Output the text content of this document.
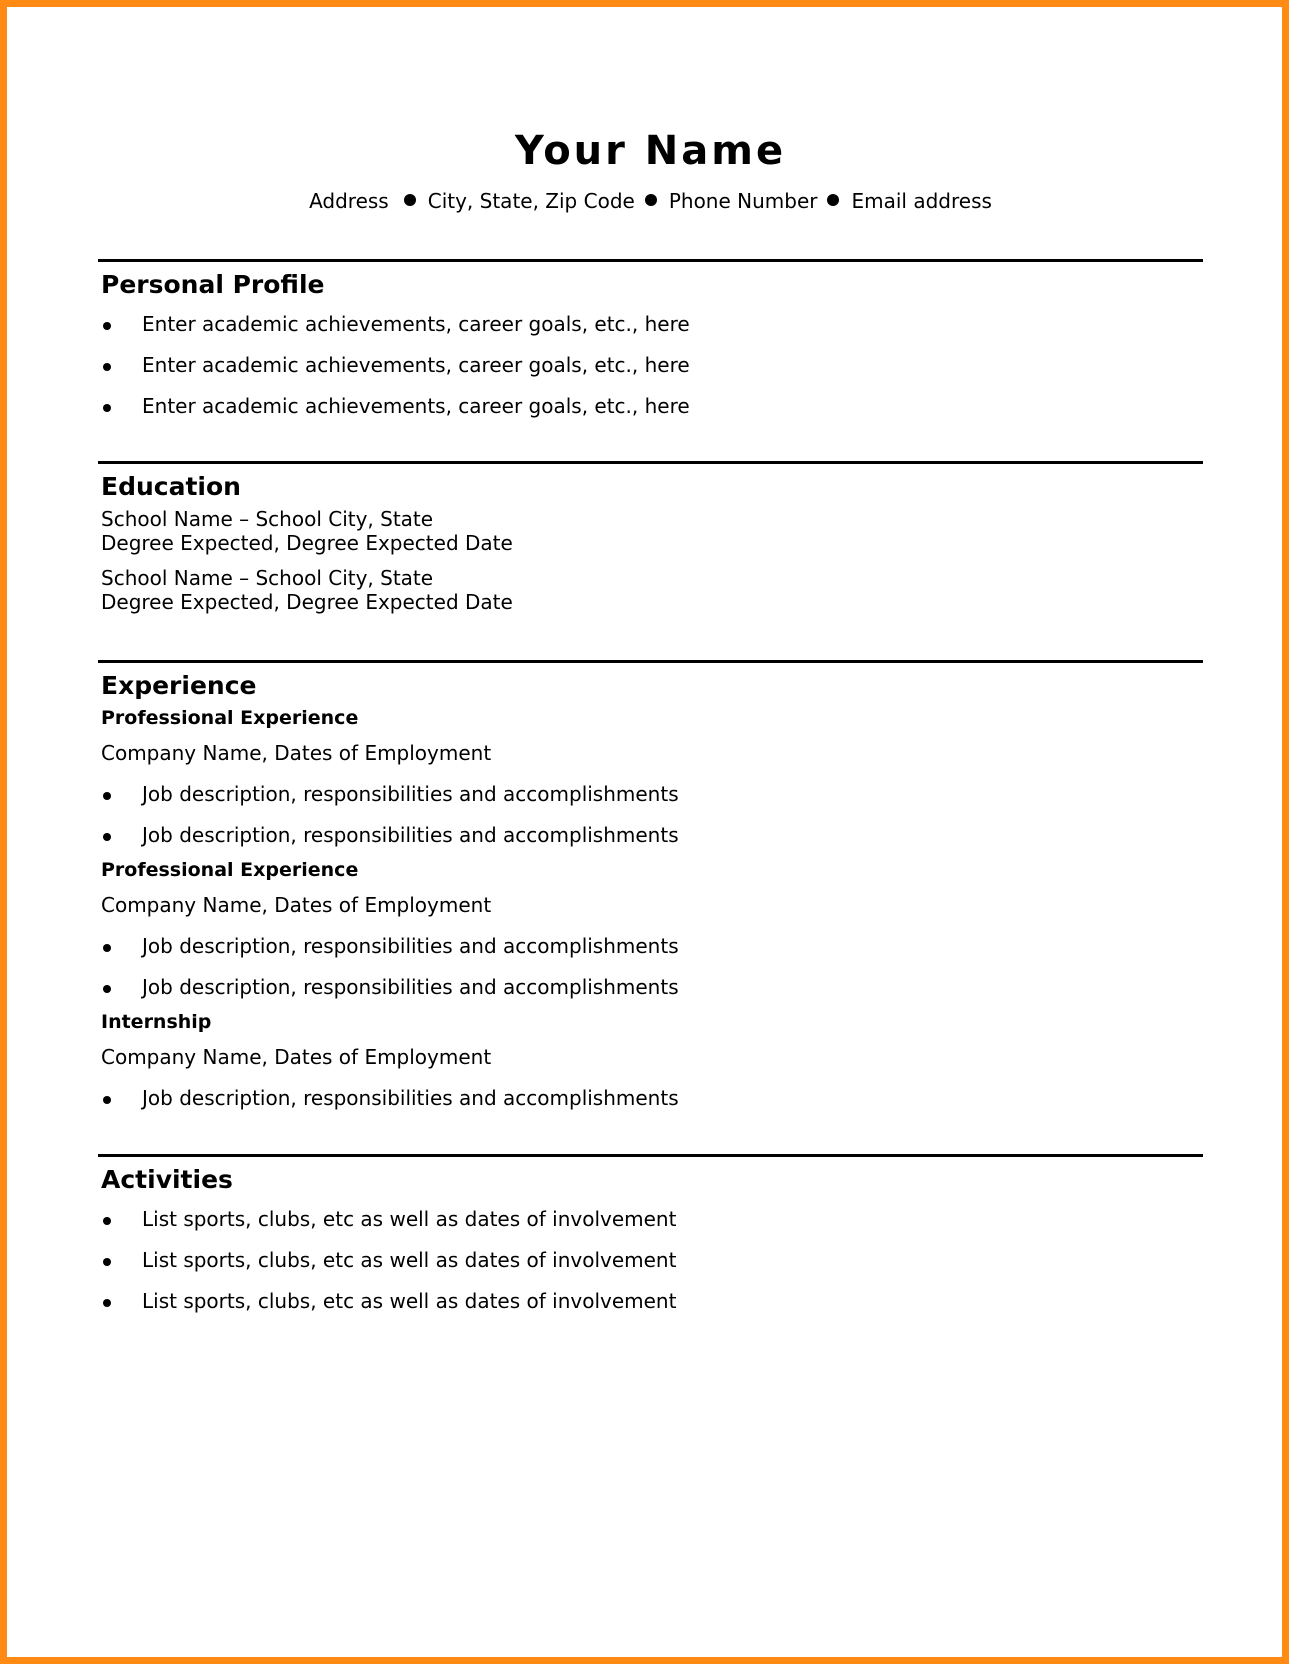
Your Name
Address City, State, Zip Code Phone Number Email address
Personal Profile
Enter academic achievements, career goals, etc., here
Enter academic achievements, career goals, etc., here
Enter academic achievements, career goals, etc., here
Education
School Name – School City, State
Degree Expected, Degree Expected Date
School Name – School City, State
Degree Expected, Degree Expected Date
Experience
Professional Experience
Company Name, Dates of Employment
Job description, responsibilities and accomplishments
Job description, responsibilities and accomplishments
Professional Experience
Company Name, Dates of Employment
Job description, responsibilities and accomplishments
Job description, responsibilities and accomplishments
Internship
Company Name, Dates of Employment
Job description, responsibilities and accomplishments
Activities
List sports, clubs, etc as well as dates of involvement
List sports, clubs, etc as well as dates of involvement
List sports, clubs, etc as well as dates of involvement
